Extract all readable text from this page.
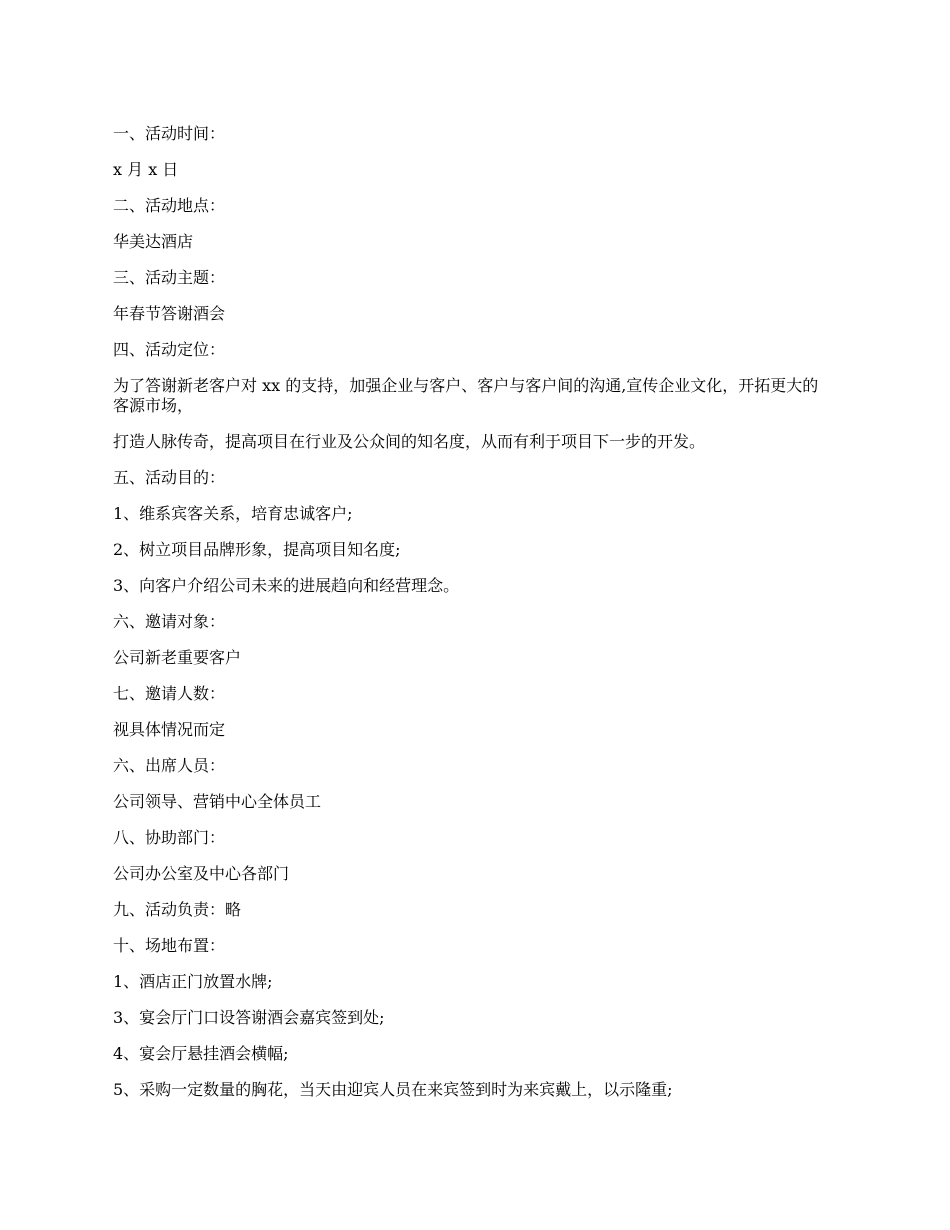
一、活动时间：

x 月 x 日

二、活动地点：

华美达酒店

三、活动主题：

年春节答谢酒会

四、活动定位：

为了答谢新老客户对 xx 的支持，加强企业与客户、客户与客户间的沟通,宣传企业文化，开拓更大的客源市场，

打造人脉传奇，提高项目在行业及公众间的知名度，从而有利于项目下一步的开发。

五、活动目的：

1、维系宾客关系，培育忠诚客户;

2、树立项目品牌形象，提高项目知名度;

3、向客户介绍公司未来的进展趋向和经营理念。

六、邀请对象：

公司新老重要客户

七、邀请人数：

视具体情况而定

六、出席人员：

公司领导、营销中心全体员工

八、协助部门：

公司办公室及中心各部门

九、活动负责：略

十、场地布置：

1、酒店正门放置水牌;

3、宴会厅门口设答谢酒会嘉宾签到处;

4、宴会厅悬挂酒会横幅;

5、采购一定数量的胸花，当天由迎宾人员在来宾签到时为来宾戴上，以示隆重;
